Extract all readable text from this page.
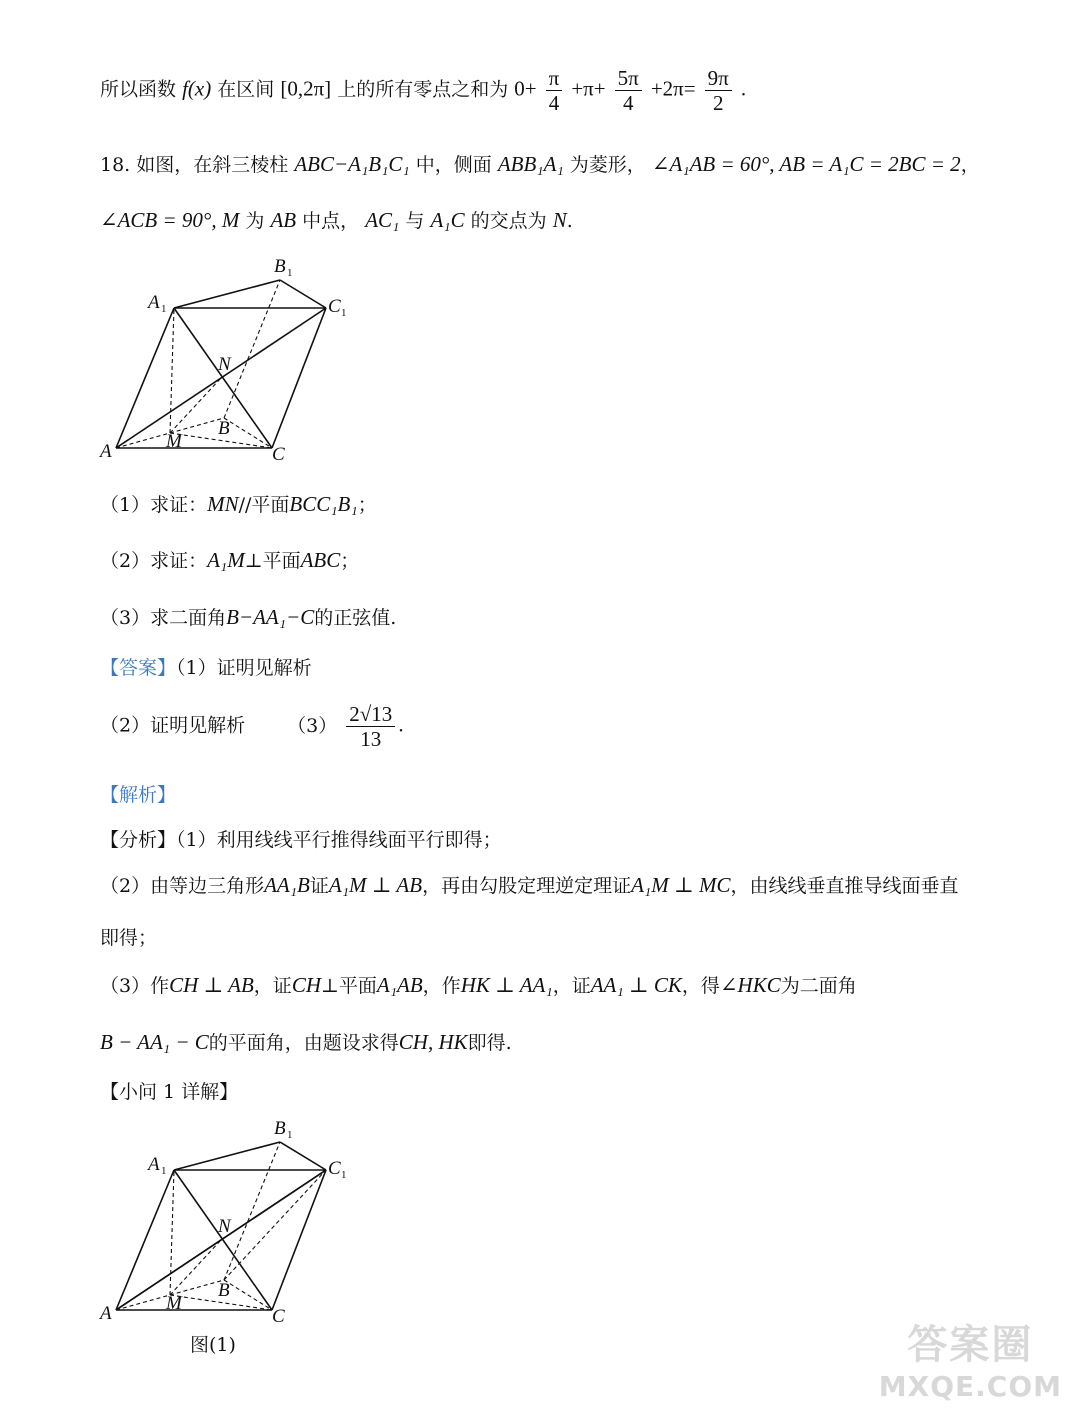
所以函数 f(x) 在区间 [0,2π] 上的所有零点之和为 $0+ \frac{\pi}{4} +\pi+ \frac{5\pi}{4} +2\pi= \frac{9\pi}{2}$ .
18. 如图，在斜三棱柱 ABC−A₁B₁C₁ 中，侧面 ABB₁A₁ 为菱形， ∠A₁AB = 60°, AB = A₁C = 2BC = 2，
∠ACB = 90°, M 为 AB 中点， AC₁ 与 A₁C 的交点为 N.
A	M
B
C
N
A 1
B 1
C 1
（1）求证：MN//平面BCC₁B₁；
（2）求证：A₁M⊥平面ABC；
（3）求二面角B−AA₁−C的正弦值.
【答案】（1）证明见解析
（2）证明见解析 $(3) \frac{2√13}{13}$ .
【解析】
【分析】（1）利用线线平行推得线面平行即得；
（2）由等边三角形AA₁B证A₁M ⊥ AB，再由勾股定理逆定理证A₁M ⊥ MC，由线线垂直推导线面垂直
即得；
（3）作CH ⊥ AB，证CH⊥平面A₁AB，作HK ⊥ AA₁，证AA₁ ⊥ CK，得∠HKC为二面角
B − AA₁ − C的平面角，由题设求得CH, HK即得.
【小问 1 详解】
A	M
B
C
N
A 1
B 1
C 1
图(1)	答案圈
MXQE.COM
